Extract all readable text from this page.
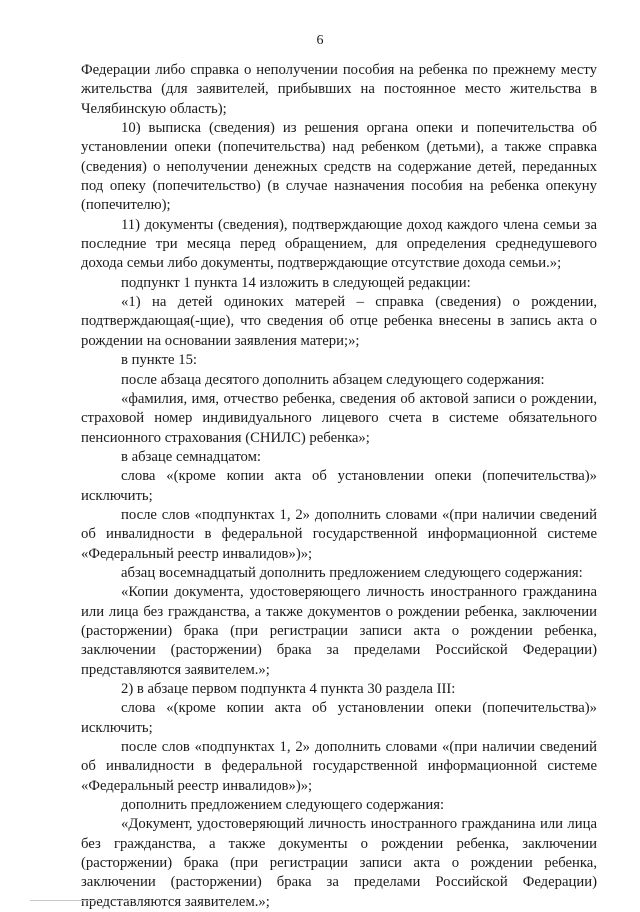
6

Федерации либо справка о неполучении пособия на ребенка по прежнему месту жительства (для заявителей, прибывших на постоянное место жительства в Челябинскую область);

10) выписка (сведения) из решения органа опеки и попечительства об установлении опеки (попечительства) над ребенком (детьми), а также справка (сведения) о неполучении денежных средств на содержание детей, переданных под опеку (попечительство) (в случае назначения пособия на ребенка опекуну (попечителю);

11) документы (сведения), подтверждающие доход каждого члена семьи за последние три месяца перед обращением, для определения среднедушевого дохода семьи либо документы, подтверждающие отсутствие дохода семьи.»;

подпункт 1 пункта 14 изложить в следующей редакции:

«1) на детей одиноких матерей – справка (сведения) о рождении, подтверждающая(-щие), что сведения об отце ребенка внесены в запись акта о рождении на основании заявления матери;»;

в пункте 15:

после абзаца десятого дополнить абзацем следующего содержания:

«фамилия, имя, отчество ребенка, сведения об актовой записи о рождении, страховой номер индивидуального лицевого счета в системе обязательного пенсионного страхования (СНИЛС) ребенка»;

в абзаце семнадцатом:

слова «(кроме копии акта об установлении опеки (попечительства)» исключить;

после слов «подпунктах 1, 2» дополнить словами «(при наличии сведений об инвалидности в федеральной государственной информационной системе «Федеральный реестр инвалидов»)»;

абзац восемнадцатый дополнить предложением следующего содержания:

«Копии документа, удостоверяющего личность иностранного гражданина или лица без гражданства, а также документов о рождении ребенка, заключении (расторжении) брака (при регистрации записи акта о рождении ребенка, заключении (расторжении) брака за пределами Российской Федерации) представляются заявителем.»;

2) в абзаце первом подпункта 4 пункта 30 раздела III:

слова «(кроме копии акта об установлении опеки (попечительства)» исключить;

после слов «подпунктах 1, 2» дополнить словами «(при наличии сведений об инвалидности в федеральной государственной информационной системе «Федеральный реестр инвалидов»)»;

дополнить предложением следующего содержания:

«Документ, удостоверяющий личность иностранного гражданина или лица без гражданства, а также документы о рождении ребенка, заключении (расторжении) брака (при регистрации записи акта о рождении ребенка, заключении (расторжении) брака за пределами Российской Федерации) представляются заявителем.»;
